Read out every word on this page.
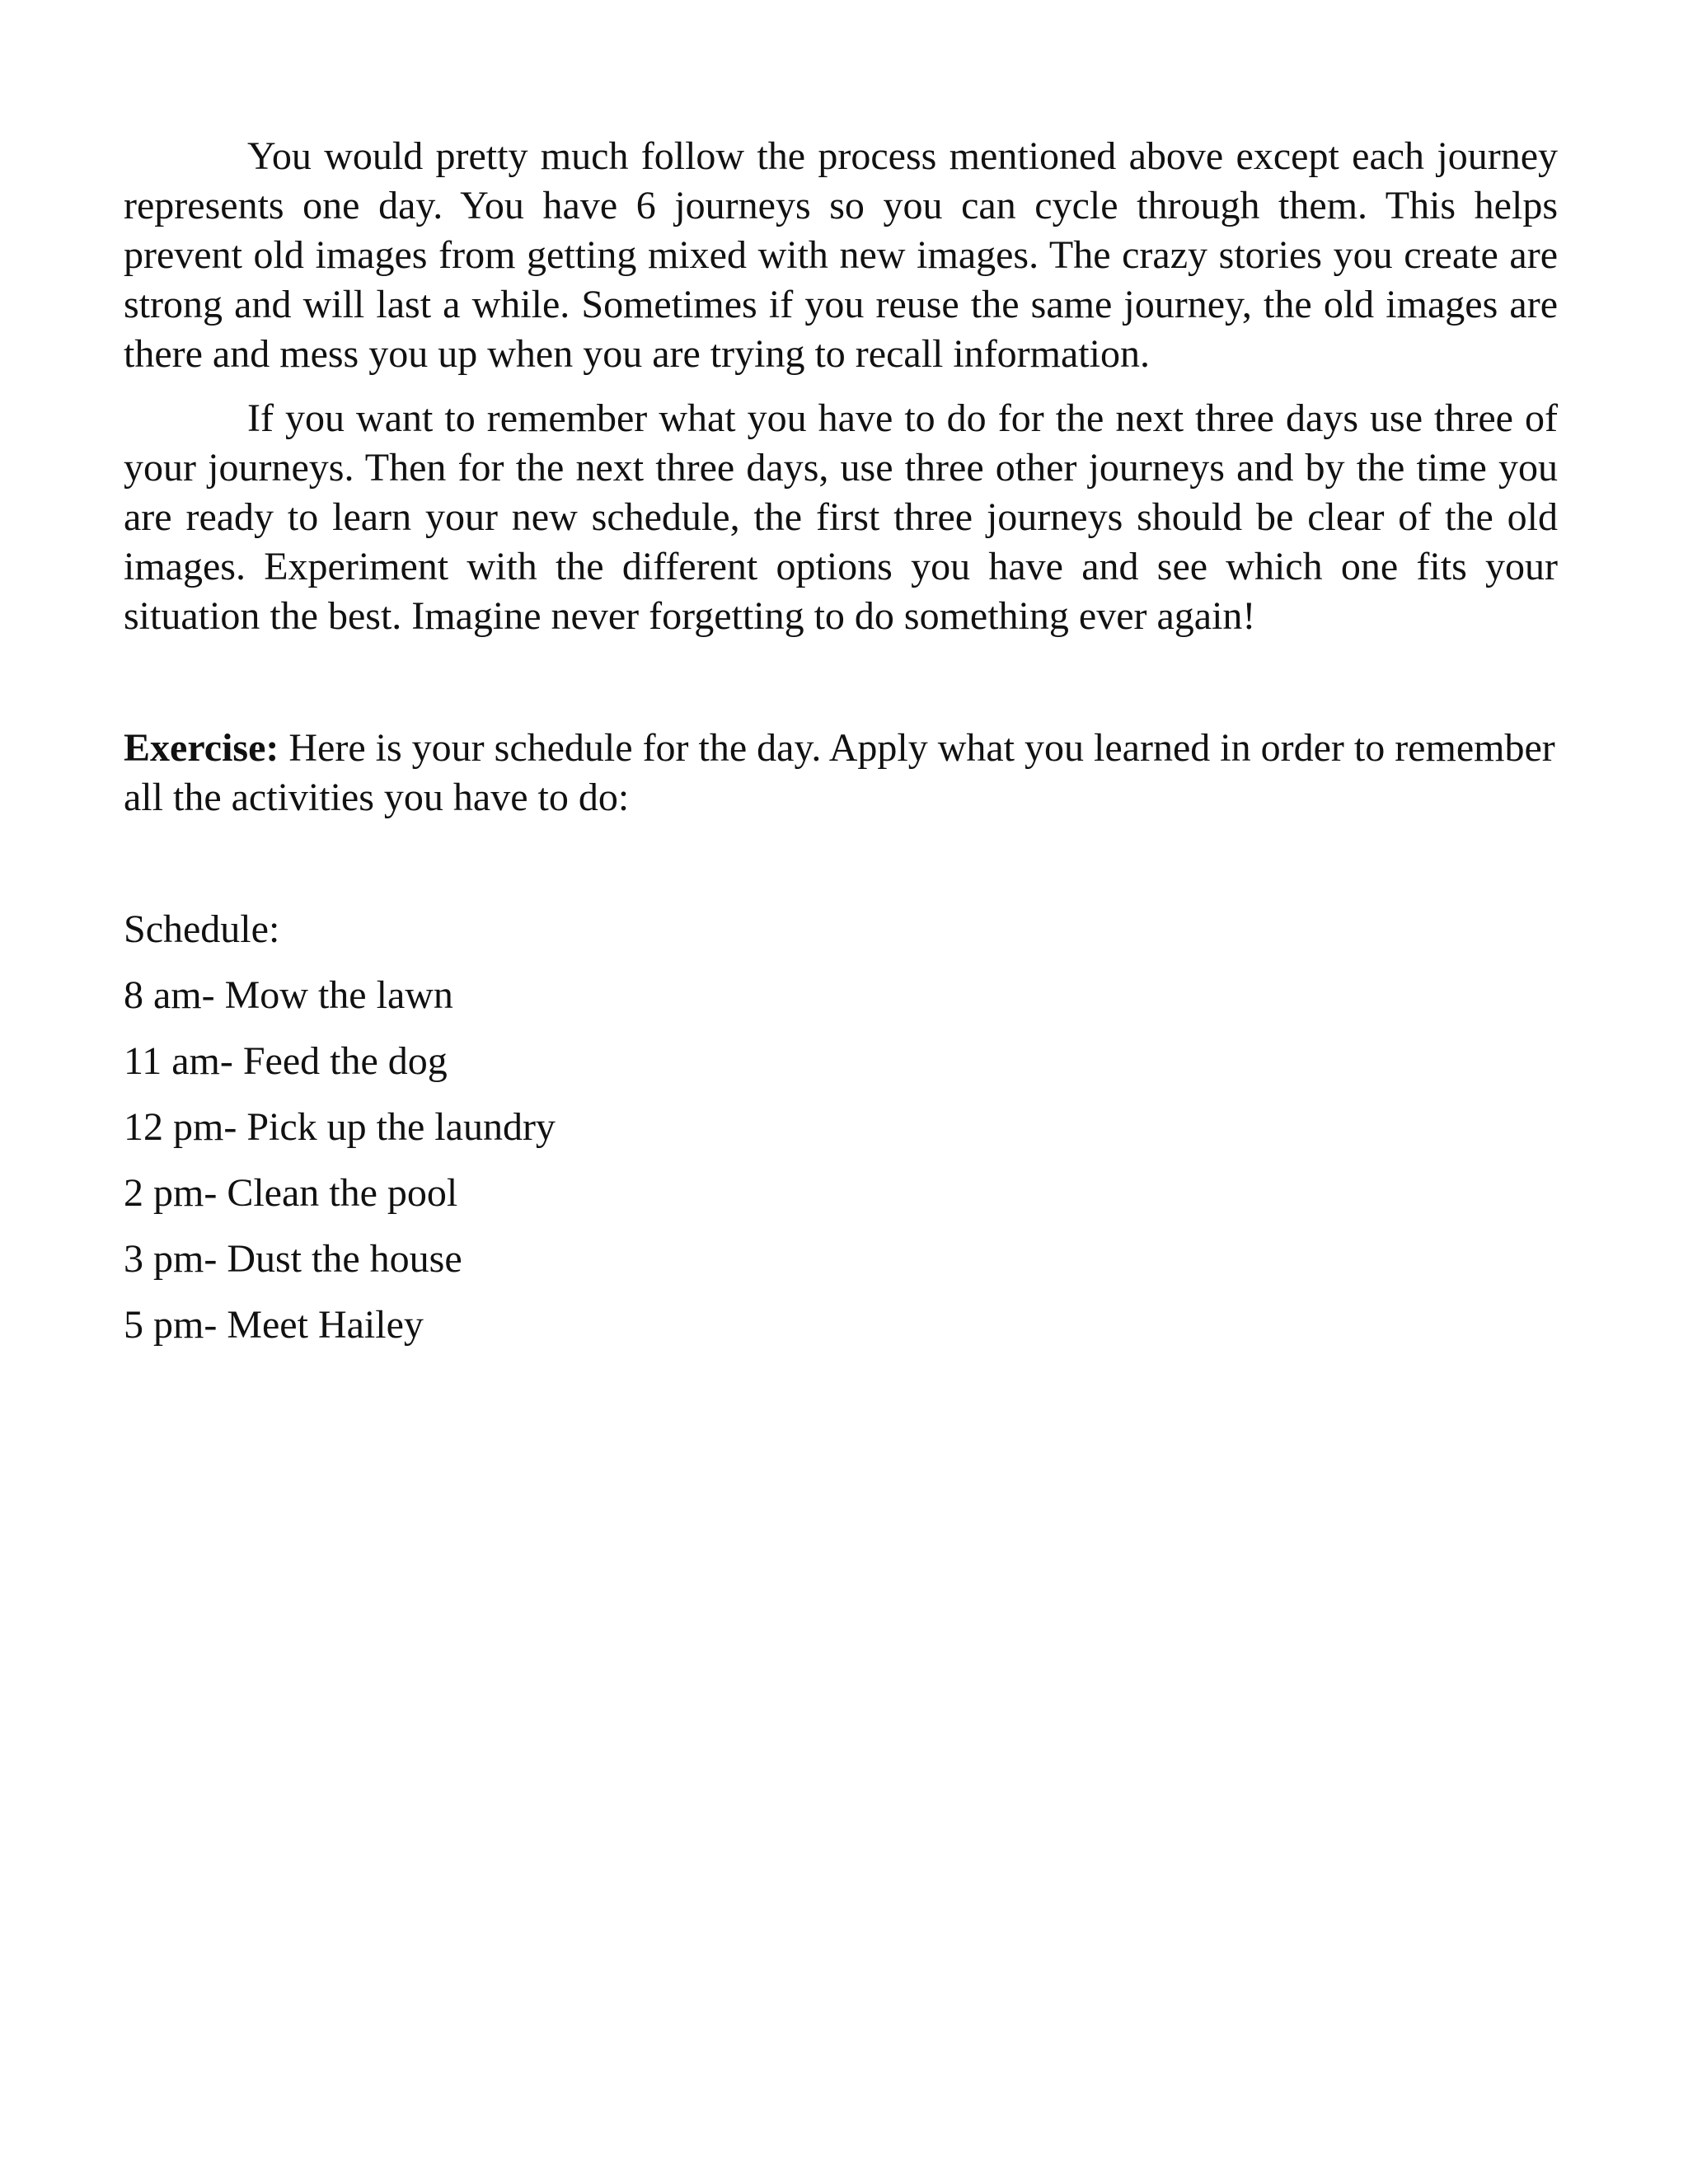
You would pretty much follow the process mentioned above except each journey represents one day. You have 6 journeys so you can cycle through them. This helps prevent old images from getting mixed with new images. The crazy stories you create are strong and will last a while. Sometimes if you reuse the same journey, the old images are there and mess you up when you are trying to recall information.

If you want to remember what you have to do for the next three days use three of your journeys. Then for the next three days, use three other journeys and by the time you are ready to learn your new schedule, the first three journeys should be clear of the old images. Experiment with the different options you have and see which one fits your situation the best. Imagine never forgetting to do something ever again!

Exercise: Here is your schedule for the day. Apply what you learned in order to remember all the activities you have to do:

Schedule:

8 am- Mow the lawn
11 am- Feed the dog
12 pm- Pick up the laundry
2 pm- Clean the pool
3 pm- Dust the house
5 pm- Meet Hailey
